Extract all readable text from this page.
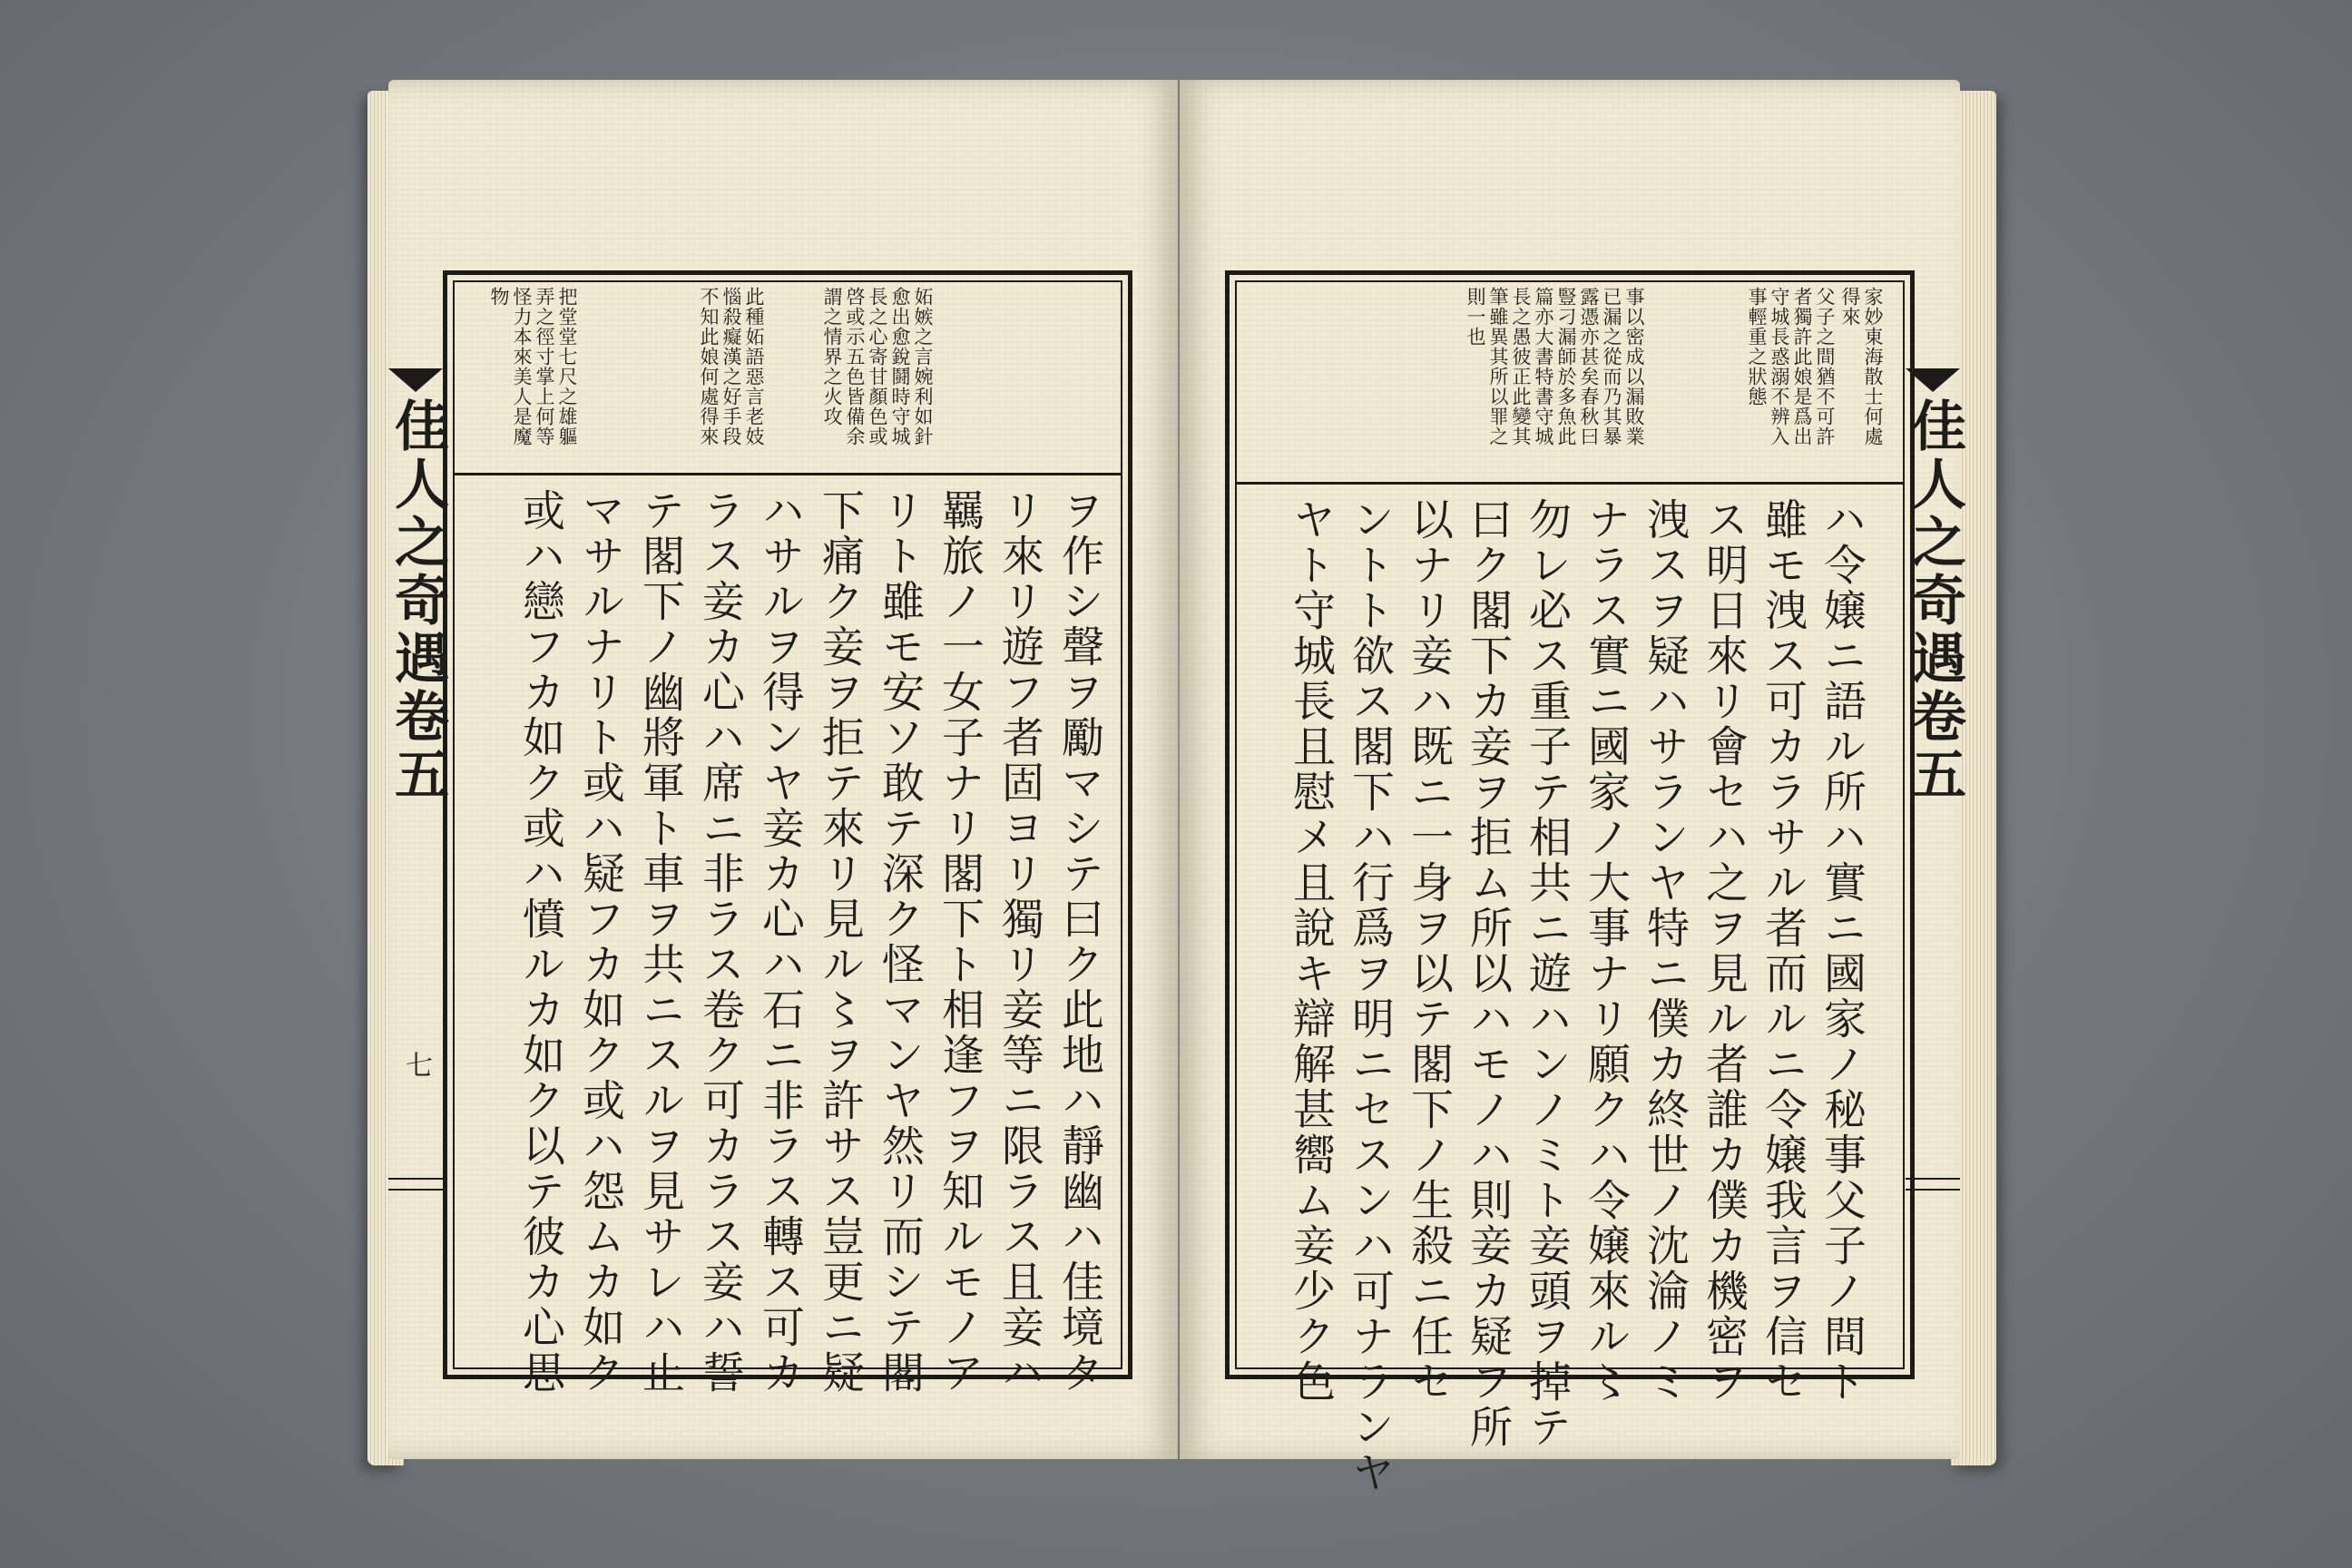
妬嫉之言婉利如針
愈出愈銳鬪時守城
長之心寄甘顏色或
啓或示五色皆備余
謂之情界之火攻
此種妬語惡言老妓
惱殺癡漢之好手段
不知此娘何處得來
把堂堂七尺之雄軀
弄之徑寸掌上何等
怪力本來美人是魔
物
ヲ作シ聲ヲ勵マシテ曰ク此地ハ靜幽ハ佳境タ
リ來リ遊フ者固ヨリ獨リ妾等ニ限ラス且妾ハ
羈旅ノ一女子ナリ閣下ト相逢フヲ知ルモノア
リト雖モ安ソ敢テ深ク怪マンヤ然リ而シテ閣
下痛ク妾ヲ拒テ來リ見ル〻ヲ許サス豈更ニ疑
ハサルヲ得ンヤ妾カ心ハ石ニ非ラス轉ス可カ
ラス妾カ心ハ席ニ非ラス卷ク可カラス妾ハ誓
テ閣下ノ幽將軍ト車ヲ共ニスルヲ見サレハ止
マサルナリト或ハ疑フカ如ク或ハ怨ムカ如ク
或ハ戀フカ如ク或ハ憤ルカ如ク以テ彼カ心思
佳人之奇遇卷五
七
家妙東海散士何處
得來
父子之間猶不可許
者獨許此娘是爲出
守城長惑溺不辨入
事輕重之狀態
事以密成以漏敗業
已漏之從而乃其暴
露憑亦甚矣春秋曰
豎刁漏師於多魚此
篇亦大書特書守城
長之愚彼正此變其
筆雖異其所以罪之
則一也
ハ令嬢ニ語ル所ハ實ニ國家ノ秘事父子ノ間ト
雖モ洩ス可カラサル者而ルニ令嬢我言ヲ信セ
ス明日來リ會セハ之ヲ見ル者誰カ僕カ機密ヲ
洩スヲ疑ハサランヤ特ニ僕カ終世ノ沈淪ノミ
ナラス實ニ國家ノ大事ナリ願クハ令嬢來ル〻
勿レ必ス重子テ相共ニ遊ハンノミト妾頭ヲ掉テ
曰ク閣下カ妾ヲ拒ム所以ハモノハ則妾カ疑フ所
以ナリ妾ハ既ニ一身ヲ以テ閣下ノ生殺ニ任セ
ントト欲ス閣下ハ行爲ヲ明ニセスンハ可ナランヤ
ヤト守城長且慰メ且說キ辯解甚嚮ム妾少ク色	佳人之奇遇卷五
